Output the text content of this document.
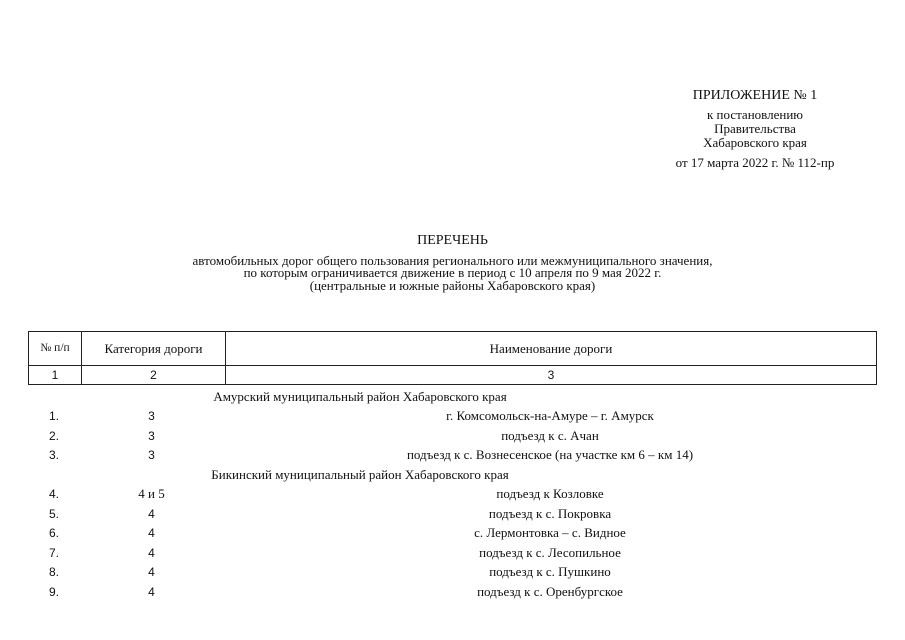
ПРИЛОЖЕНИЕ № 1
к постановлению
Правительства
Хабаровского края
от 17 марта 2022 г. № 112-пр
ПЕРЕЧЕНЬ
автомобильных дорог общего пользования регионального или межмуниципального значения,
по которым ограничивается движение в период с 10 апреля по 9 мая 2022 г.
(центральные и южные районы Хабаровского края)
№ п/п	Категория дороги	Наименование дороги
1	2	3
Амурский муниципальный район Хабаровского края
1.	3	г. Комсомольск-на-Амуре – г. Амурск
2.	3	подъезд к с. Ачан
3.	3	подъезд к с. Вознесенское (на участке км 6 – км 14)
Бикинский муниципальный район Хабаровского края
4.	4 и 5	подъезд к Козловке
5.	4	подъезд к с. Покровка
6.	4	с. Лермонтовка – с. Видное
7.	4	подъезд к с. Лесопильное
8.	4	подъезд к с. Пушкино
9.	4	подъезд к с. Оренбургское
